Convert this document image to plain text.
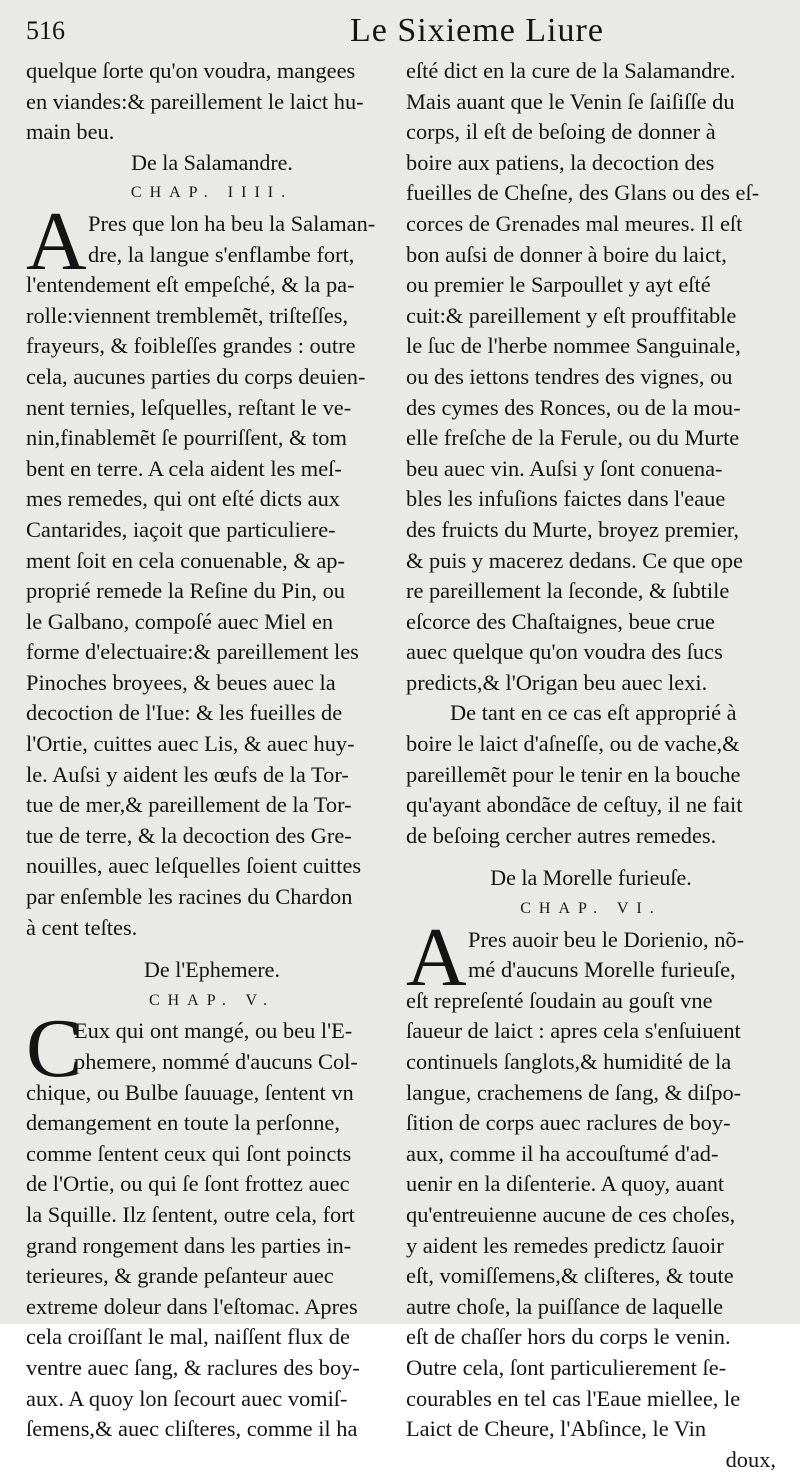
516	Le Sixieme Liure
quelque ſorte qu'on voudra, mangees
en viandes:& pareillement le laict hu-
main beu.
De la Salamandre.
CHAP. IIII.
A Pres que lon ha beu la Salaman-
dre, la langue s'enflambe fort,
l'entendement eſt empeſché, & la pa-
rolle:viennent tremblemẽt, triſteſſes,
frayeurs, & foibleſſes grandes : outre
cela, aucunes parties du corps deuien-
nent ternies, leſquelles, reſtant le ve-
nin,finablemẽt ſe pourriſſent, & tom
bent en terre. A cela aident les meſ-
mes remedes, qui ont eſté dicts aux
Cantarides, iaçoit que particuliere-
ment ſoit en cela conuenable, & ap-
proprié remede la Reſine du Pin, ou
le Galbano, compoſé auec Miel en
forme d'electuaire:& pareillement les
Pinoches broyees, & beues auec la
decoction de l'Iue: & les fueilles de
l'Ortie, cuittes auec Lis, & auec huy-
le. Auſsi y aident les œufs de la Tor-
tue de mer,& pareillement de la Tor-
tue de terre, & la decoction des Gre-
nouilles, auec leſquelles ſoient cuittes
par enſemble les racines du Chardon
à cent teſtes.
De l'Ephemere.
CHAP. V.
C
Eux qui ont mangé, ou beu l'E-
phemere, nommé d'aucuns Col-
chique, ou Bulbe ſauuage, ſentent vn
demangement en toute la perſonne,
comme ſentent ceux qui ſont poincts
de l'Ortie, ou qui ſe ſont frottez auec
la Squille. Ilz ſentent, outre cela, fort
grand rongement dans les parties in-
terieures, & grande peſanteur auec
extreme doleur dans l'eſtomac. Apres
cela croiſſant le mal, naiſſent flux de
ventre auec ſang, & raclures des boy-
aux. A quoy lon ſecourt auec vomiſ-
ſemens,& auec cliſteres, comme il ha
eſté dict en la cure de la Salamandre.
Mais auant que le Venin ſe ſaiſiſſe du
corps, il eſt de beſoing de donner à
boire aux patiens, la decoction des
fueilles de Cheſne, des Glans ou des eſ-
corces de Grenades mal meures. Il eſt
bon auſsi de donner à boire du laict,
ou premier le Sarpoullet y ayt eſté
cuit:& pareillement y eſt prouffitable
le ſuc de l'herbe nommee Sanguinale,
ou des iettons tendres des vignes, ou
des cymes des Ronces, ou de la mou-
elle freſche de la Ferule, ou du Murte
beu auec vin. Auſsi y ſont conuena-
bles les infuſions faictes dans l'eaue
des fruicts du Murte, broyez premier,
& puis y macerez dedans. Ce que ope
re pareillement la ſeconde, & ſubtile
eſcorce des Chaſtaignes, beue crue
auec quelque qu'on voudra des ſucs
predicts,& l'Origan beu auec lexi.
De tant en ce cas eſt approprié à
boire le laict d'aſneſſe, ou de vache,&
pareillemẽt pour le tenir en la bouche
qu'ayant abondãce de ceſtuy, il ne fait
de beſoing cercher autres remedes.
De la Morelle furieuſe.
CHAP. VI.
A Pres auoir beu le Dorienio, nõ-
mé d'aucuns Morelle furieuſe,
eſt repreſenté ſoudain au gouſt vne
ſaueur de laict : apres cela s'enſuiuent
continuels ſanglots,& humidité de la
langue, crachemens de ſang, & diſpo-
ſition de corps auec raclures de boy-
aux, comme il ha accouſtumé d'ad-
uenir en la diſenterie. A quoy, auant
qu'entreuienne aucune de ces choſes,
y aident les remedes predictz ſauoir
eſt, vomiſſemens,& cliſteres, & toute
autre choſe, la puiſſance de laquelle
eſt de chaſſer hors du corps le venin.
Outre cela, ſont particulierement ſe-
courables en tel cas l'Eaue miellee, le
Laict de Cheure, l'Abſince, le Vin
doux,
